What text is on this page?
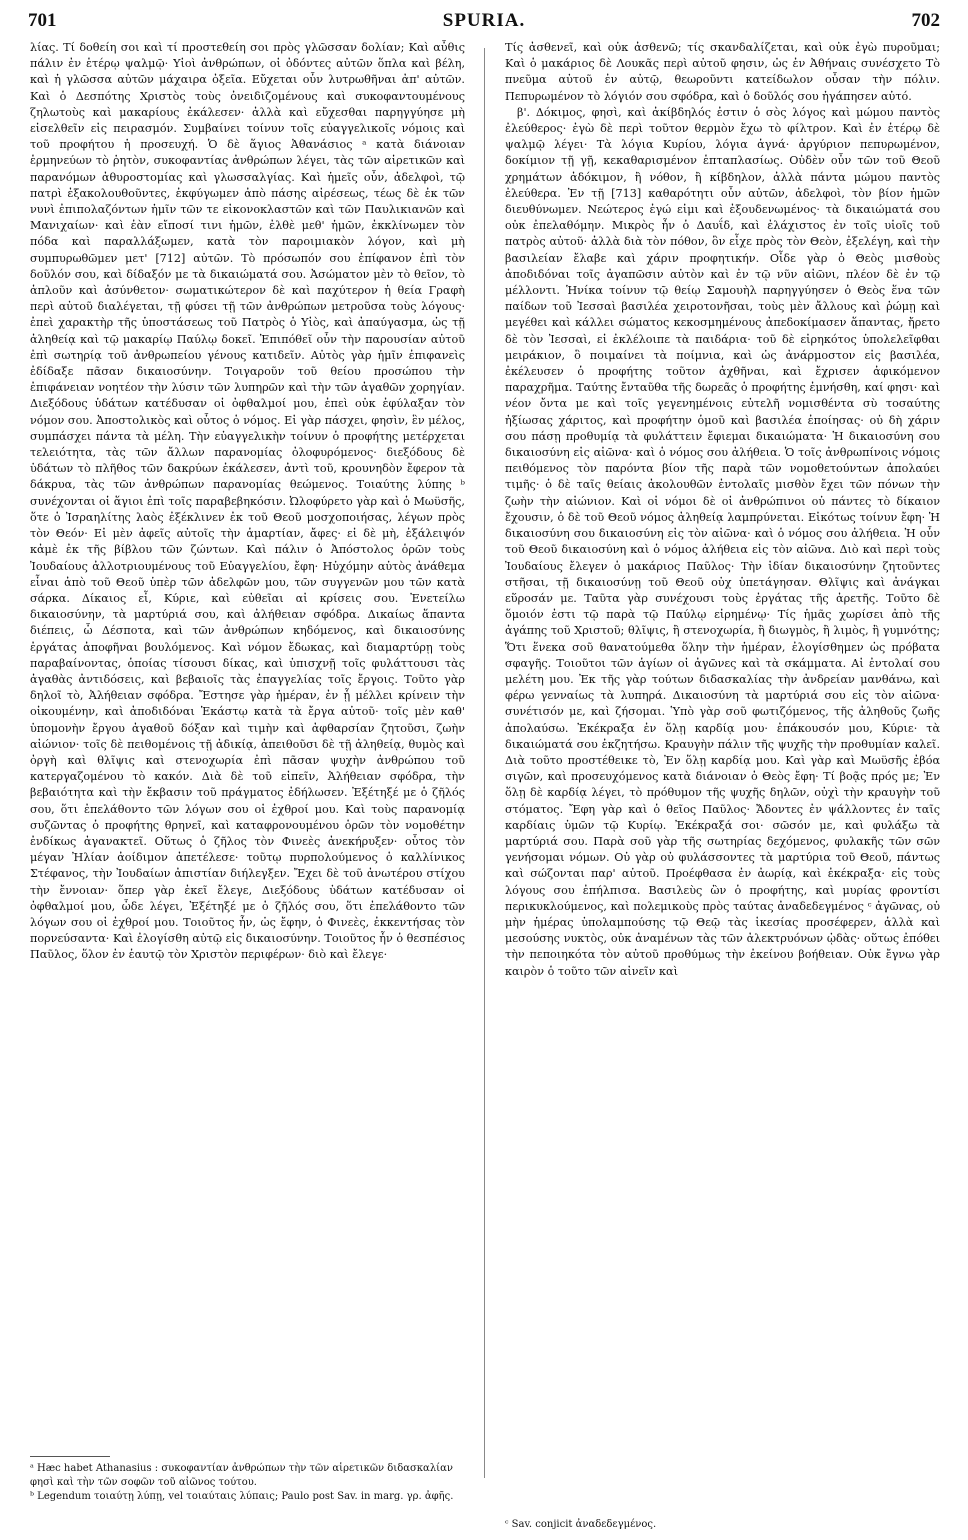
701	SPURIA.	702

λίας. Τί δοθείη σοι καὶ τί προστεθείη σοι πρὸς γλῶσσαν δολίαν; Καὶ αὖθις πάλιν ἐν ἑτέρῳ ψαλμῷ· Υἱοὶ ἀνθρώπων, οἱ ὀδόντες αὐτῶν ὅπλα καὶ βέλη, καὶ ἡ γλῶσσα αὐτῶν μάχαιρα ὀξεῖα. Εὔχεται οὖν λυτρωθῆναι ἀπ' αὐτῶν. Καὶ ὁ Δεσπότης Χριστὸς τοὺς ὀνειδιζομένους καὶ συκοφαντουμένους ζηλωτοὺς καὶ μακαρίους ἐκάλεσεν· ἀλλὰ καὶ εὔχεσθαι παρηγγύησε μὴ εἰσελθεῖν εἰς πειρασμόν. Συμβαίνει τοίνυν τοῖς εὐαγγελικοῖς νόμοις καὶ τοῦ προφήτου ἡ προσευχή. Ὁ δὲ ἅγιος Ἀθανάσιος ᵃ κατὰ διάνοιαν ἑρμηνεύων τὸ ῥητὸν, συκοφαντίας ἀνθρώπων λέγει, τὰς τῶν αἱρετικῶν καὶ παρανόμων ἀθυροστομίας καὶ γλωσσαλγίας. Καὶ ἡμεῖς οὖν, ἀδελφοὶ, τῷ πατρὶ ἐξακολουθοῦντες, ἐκφύγωμεν ἀπὸ πάσης αἱρέσεως, τέως δὲ ἐκ τῶν νυνὶ ἐπιπολαζόντων ἡμῖν τῶν τε εἰκονοκλαστῶν καὶ τῶν Παυλικιανῶν καὶ Μανιχαίων· καὶ ἐὰν εἴποσί τινι ἡμῶν, ἐλθὲ μεθ' ἡμῶν, ἐκκλίνωμεν τὸν πόδα καὶ παραλλάξωμεν, κατὰ τὸν παροιμιακὸν λόγον, καὶ μὴ συμπυρωθῶμεν μετ' [712] αὐτῶν. Τὸ πρόσωπόν σου ἐπίφανον ἐπὶ τὸν δοῦλόν σου, καὶ δίδαξόν με τὰ δικαιώματά σου. Ἀσώματον μὲν τὸ θεῖον, τὸ ἁπλοῦν καὶ ἀσύνθετον· σωματικώτερον δὲ καὶ παχύτερον ἡ θεία Γραφὴ περὶ αὐτοῦ διαλέγεται, τῇ φύσει τῇ τῶν ἀνθρώπων μετροῦσα τοὺς λόγους· ἐπεὶ χαρακτὴρ τῆς ὑποστάσεως τοῦ Πατρὸς ὁ Υἱὸς, καὶ ἀπαύγασμα, ὡς τῇ ἀληθείᾳ καὶ τῷ μακαρίῳ Παύλῳ δοκεῖ. Ἐπιπόθεῖ οὖν τὴν παρουσίαν αὐτοῦ ἐπὶ σωτηρίᾳ τοῦ ἀνθρωπείου γένους κατιδεῖν. Αὐτὸς γὰρ ἡμῖν ἐπιφανεὶς ἐδίδαξε πᾶσαν δικαιοσύνην. Τοιγαροῦν τοῦ θείου προσώπου τὴν ἐπιφάνειαν νοητέον τὴν λύσιν τῶν λυπηρῶν καὶ τὴν τῶν ἀγαθῶν χορηγίαν. Διεξόδους ὑδάτων κατέδυσαν οἱ ὀφθαλμοί μου, ἐπεὶ οὐκ ἐφύλαξαν τὸν νόμον σου. Ἀποστολικὸς καὶ οὗτος ὁ νόμος. Εἰ γὰρ πάσχει, φησὶν, ἓν μέλος, συμπάσχει πάντα τὰ μέλη. Τὴν εὐαγγελικὴν τοίνυν ὁ προφήτης μετέρχεται τελειότητα, τὰς τῶν ἄλλων παρανομίας ὀλοφυρόμενος· διεξόδους δὲ ὑδάτων τὸ πλῆθος τῶν δακρύων ἐκάλεσεν, ἀντὶ τοῦ, κρουνηδὸν ἔφερον τὰ δάκρυα, τὰς τῶν ἀνθρώπων παρανομίας θεώμενος. Τοιαύτης λύπης ᵇ συνέχονται οἱ ἅγιοι ἐπὶ τοῖς παραβεβηκόσιν. Ὠλοφύρετο γὰρ καὶ ὁ Μωϋσῆς, ὅτε ὁ Ἰσραηλίτης λαὸς ἐξέκλινεν ἐκ τοῦ Θεοῦ μοσχοποιήσας, λέγων πρὸς τὸν Θεόν· Εἰ μὲν ἀφεῖς αὐτοῖς τὴν ἁμαρτίαν, ἄφες· εἰ δὲ μὴ, ἐξάλειψόν κἀμὲ ἐκ τῆς βίβλου τῶν ζώντων. Καὶ πάλιν ὁ Ἀπόστολος ὁρῶν τοὺς Ἰουδαίους ἀλλοτριουμένους τοῦ Εὐαγγελίου, ἔφη· Ηὐχόμην αὐτὸς ἀνάθεμα εἶναι ἀπὸ τοῦ Θεοῦ ὑπὲρ τῶν ἀδελφῶν μου, τῶν συγγενῶν μου τῶν κατὰ σάρκα. Δίκαιος εἶ, Κύριε, καὶ εὐθεῖαι αἱ κρίσεις σου. Ἐνετείλω δικαιοσύνην, τὰ μαρτύριά σου, καὶ ἀλήθειαν σφόδρα. Δικαίως ἅπαντα διέπεις, ὦ Δέσποτα, καὶ τῶν ἀνθρώπων κηδόμενος, καὶ δικαιοσύνης ἐργάτας ἀποφῆναι βουλόμενος. Καὶ νόμον ἔδωκας, καὶ διαμαρτύρῃ τοὺς παραβαίνοντας, ὁποίας τίσουσι δίκας, καὶ ὑπισχνῇ τοῖς φυλάττουσι τὰς ἀγαθὰς ἀντιδόσεις, καὶ βεβαιοῖς τὰς ἐπαγγελίας τοῖς ἔργοις. Τοῦτο γὰρ δηλοῖ τὸ, Ἀλήθειαν σφόδρα. Ἔστησε γὰρ ἡμέραν, ἐν ᾗ μέλλει κρίνειν τὴν οἰκουμένην, καὶ ἀποδιδόναι Ἑκάστῳ κατὰ τὰ ἔργα αὐτοῦ· τοῖς μὲν καθ' ὑπομονὴν ἔργου ἀγαθοῦ δόξαν καὶ τιμὴν καὶ ἀφθαρσίαν ζητοῦσι, ζωὴν αἰώνιον· τοῖς δὲ πειθομένοις τῇ ἀδικίᾳ, ἀπειθοῦσι δὲ τῇ ἀληθείᾳ, θυμὸς καὶ ὀργὴ καὶ θλῖψις καὶ στενοχωρία ἐπὶ πᾶσαν ψυχὴν ἀνθρώπου τοῦ κατεργαζομένου τὸ κακόν. Διὰ δὲ τοῦ εἰπεῖν, Ἀλήθειαν σφόδρα, τὴν βεβαιότητα καὶ τὴν ἔκβασιν τοῦ πράγματος ἐδήλωσεν. Ἐξέτηξέ με ὁ ζῆλός σου, ὅτι ἐπελάθοντο τῶν λόγων σου οἱ ἐχθροί μου. Καὶ τοὺς παρανομίᾳ συζῶντας ὁ προφήτης θρηνεῖ, καὶ καταφρονουμένου ὁρῶν τὸν νομοθέτην ἐνδίκως ἀγανακτεῖ. Οὕτως ὁ ζῆλος τὸν Φινεὲς ἀνεκήρυξεν· οὗτος τὸν μέγαν Ἠλίαν ἀοίδιμον ἀπετέλεσε· τοῦτῳ πυρπολούμενος ὁ καλλίνικος Στέφανος, τὴν Ἰουδαίων ἀπιστίαν διήλεγξεν. Ἔχει δὲ τοῦ ἀνωτέρου στίχου τὴν ἔννοιαν· ὅπερ γὰρ ἐκεῖ ἔλεγε, Διεξόδους ὑδάτων κατέδυσαν οἱ ὀφθαλμοί μου, ὧδε λέγει, Ἐξέτηξέ με ὁ ζῆλός σου, ὅτι ἐπελάθοντο τῶν λόγων σου οἱ ἐχθροί μου. Τοιοῦτος ἦν, ὡς ἔφην, ὁ Φινεὲς, ἐκκεντήσας τὸν πορνεύσαντα· Καὶ ἐλογίσθη αὐτῷ εἰς δικαιοσύνην. Τοιοῦτος ἦν ὁ θεσπέσιος Παῦλος, ὅλον ἐν ἑαυτῷ τὸν Χριστὸν περιφέρων· διὸ καὶ ἔλεγε·

Τίς ἀσθενεῖ, καὶ οὐκ ἀσθενῶ; τίς σκανδαλίζεται, καὶ οὐκ ἐγὼ πυροῦμαι; Καὶ ὁ μακάριος δὲ Λουκᾶς περὶ αὐτοῦ φησιν, ὡς ἐν Ἀθήναις συνέσχετο Τὸ πνεῦμα αὐτοῦ ἐν αὐτῷ, θεωροῦντι κατείδωλον οὖσαν τὴν πόλιν. Πεπυρωμένον τὸ λόγιόν σου σφόδρα, καὶ ὁ δοῦλός σου ἠγάπησεν αὐτό.

β'. Δόκιμος, φησὶ, καὶ ἀκίβδηλός ἐστιν ὁ σὸς λόγος καὶ μώμου παντὸς ἐλεύθερος· ἐγὼ δὲ περὶ τοῦτον θερμὸν ἔχω τὸ φίλτρον. Καὶ ἐν ἑτέρῳ δὲ ψαλμῷ λέγει· Τὰ λόγια Κυρίου, λόγια ἁγνά· ἀργύριον πεπυρωμένον, δοκίμιον τῇ γῇ, κεκαθαρισμένον ἑπταπλασίως. Οὐδὲν οὖν τῶν τοῦ Θεοῦ χρημάτων ἀδόκιμον, ἢ νόθον, ἢ κίβδηλον, ἀλλὰ πάντα μώμου παντὸς ἐλεύθερα. Ἐν τῇ [713] καθαρότητι οὖν αὐτῶν, ἀδελφοὶ, τὸν βίον ἡμῶν διευθύνωμεν. Νεώτερος ἐγώ εἰμι καὶ ἐξουδενωμένος· τὰ δικαιώματά σου οὐκ ἐπελαθόμην. Μικρὸς ἦν ὁ Δαυΐδ, καὶ ἐλάχιστος ἐν τοῖς υἱοῖς τοῦ πατρὸς αὐτοῦ· ἀλλὰ διὰ τὸν πόθον, ὃν εἶχε πρὸς τὸν Θεὸν, ἐξελέγη, καὶ τὴν βασιλείαν ἔλαβε καὶ χάριν προφητικήν. Οἶδε γὰρ ὁ Θεὸς μισθοὺς ἀποδιδόναι τοῖς ἀγαπῶσιν αὐτὸν καὶ ἐν τῷ νῦν αἰῶνι, πλέον δὲ ἐν τῷ μέλλοντι. Ἡνίκα τοίνυν τῷ θείῳ Σαμουὴλ παρηγγύησεν ὁ Θεὸς ἕνα τῶν παίδων τοῦ Ἰεσσαὶ βασιλέα χειροτονῆσαι, τοὺς μὲν ἄλλους καὶ ῥώμῃ καὶ μεγέθει καὶ κάλλει σώματος κεκοσμημένους ἀπεδοκίμασεν ἅπαντας, ἤρετο δὲ τὸν Ἰεσσαὶ, εἰ ἐκλέλοιπε τὰ παιδάρια· τοῦ δὲ εἰρηκότος ὑπολελεῖφθαι μειράκιον, ὃ ποιμαίνει τὰ ποίμνια, καὶ ὡς ἀνάρμοστον εἰς βασιλέα, ἐκέλευσεν ὁ προφήτης τοῦτον ἀχθῆναι, καὶ ἔχρισεν ἀφικόμενον παραχρῆμα. Ταύτης ἔνταῦθα τῆς δωρεᾶς ὁ προφήτης ἐμνήσθη, καί φησι· καὶ νέον ὄντα με καὶ τοῖς γεγενημένοις εὐτελῆ νομισθέντα σὺ τοσαύτης ἠξίωσας χάριτος, καὶ προφήτην ὁμοῦ καὶ βασιλέα ἐποίησας· οὐ δὴ χάριν σου πάσῃ προθυμίᾳ τὰ φυλάττειν ἔφιεμαι δικαιώματα· Ἡ δικαιοσύνη σου δικαιοσύνη εἰς αἰῶνα· καὶ ὁ νόμος σου ἀλήθεια. Ὁ τοῖς ἀνθρωπίνοις νόμοις πειθόμενος τὸν παρόντα βίον τῆς παρὰ τῶν νομοθετούντων ἀπολαύει τιμῆς· ὁ δὲ ταῖς θείαις ἀκολουθῶν ἐντολαῖς μισθὸν ἔχει τῶν πόνων τὴν ζωὴν τὴν αἰώνιον. Καὶ οἱ νόμοι δὲ οἱ ἀνθρώπινοι οὐ πάντες τὸ δίκαιον ἔχουσιν, ὁ δὲ τοῦ Θεοῦ νόμος ἀληθείᾳ λαμπρύνεται. Εἰκότως τοίνυν ἔφη· Ἡ δικαιοσύνη σου δικαιοσύνη εἰς τὸν αἰῶνα· καὶ ὁ νόμος σου ἀλήθεια. Ἡ οὖν τοῦ Θεοῦ δικαιοσύνη καὶ ὁ νόμος ἀλήθεια εἰς τὸν αἰῶνα. Διὸ καὶ περὶ τοὺς Ἰουδαίους ἔλεγεν ὁ μακάριος Παῦλος· Τὴν ἰδίαν δικαιοσύνην ζητοῦντες στῆσαι, τῇ δικαιοσύνῃ τοῦ Θεοῦ οὐχ ὑπετάγησαν. Θλῖψις καὶ ἀνάγκαι εὕροσάν με. Ταῦτα γὰρ συνέχουσι τοὺς ἐργάτας τῆς ἀρετῆς. Τοῦτο δὲ ὅμοιόν ἐστι τῷ παρὰ τῷ Παύλῳ εἰρημένῳ· Τίς ἡμᾶς χωρίσει ἀπὸ τῆς ἀγάπης τοῦ Χριστοῦ; θλῖψις, ἢ στενοχωρία, ἢ διωγμὸς, ἢ λιμὸς, ἢ γυμνότης; Ὅτι ἕνεκα σοῦ θανατούμεθα ὅλην τὴν ἡμέραν, ἐλογίσθημεν ὡς πρόβατα σφαγῆς. Τοιοῦτοι τῶν ἁγίων οἱ ἀγῶνες καὶ τὰ σκάμματα. Αἱ ἐντολαί σου μελέτη μου. Ἐκ τῆς γὰρ τούτων διδασκαλίας τὴν ἀνδρείαν μανθάνω, καὶ φέρω γενναίως τὰ λυπηρά. Δικαιοσύνη τὰ μαρτύριά σου εἰς τὸν αἰῶνα· συνέτισόν με, καὶ ζήσομαι. Ὑπὸ γὰρ σοῦ φωτιζόμενος, τῆς ἀληθοῦς ζωῆς ἀπολαύσω. Ἐκέκραξα ἐν ὅλῃ καρδίᾳ μου· ἐπάκουσόν μου, Κύριε· τὰ δικαιώματά σου ἐκζητήσω. Κραυγὴν πάλιν τῆς ψυχῆς τὴν προθυμίαν καλεῖ. Διὰ τοῦτο προστέθεικε τὸ, Ἐν ὅλῃ καρδίᾳ μου. Καὶ γὰρ καὶ Μωϋσῆς ἐβόα σιγῶν, καὶ προσευχόμενος κατὰ διάνοιαν ὁ Θεὸς ἔφη· Τί βοᾷς πρός με; Ἐν ὅλῃ δὲ καρδίᾳ λέγει, τὸ πρόθυμον τῆς ψυχῆς δηλῶν, οὐχὶ τὴν κραυγὴν τοῦ στόματος. Ἔφη γὰρ καὶ ὁ θεῖος Παῦλος· Ἄδοντες ἐν ψάλλοντες ἐν ταῖς καρδίαις ὑμῶν τῷ Κυρίῳ. Ἐκέκραξά σοι· σῶσόν με, καὶ φυλάξω τὰ μαρτύριά σου. Παρὰ σοῦ γὰρ τῆς σωτηρίας δεχόμενος, φυλακῆς τῶν σῶν γενήσομαι νόμων. Οὐ γὰρ οὐ φυλάσσοντες τὰ μαρτύρια τοῦ Θεοῦ, πάντως καὶ σώζονται παρ' αὐτοῦ. Προέφθασα ἐν ἀωρίᾳ, καὶ ἐκέκραξα· εἰς τοὺς λόγους σου ἐπήλπισα. Βασιλεὺς ὢν ὁ προφήτης, καὶ μυρίας φροντίσι περικυκλούμενος, καὶ πολεμικοὺς πρὸς ταύτας ἀναδεδεγμένος ᶜ ἀγῶνας, οὐ μὴν ἡμέρας ὑπολαμπούσης τῷ Θεῷ τὰς ἱκεσίας προσέφερεν, ἀλλὰ καὶ μεσούσης νυκτὸς, οὐκ ἀναμένων τὰς τῶν ἀλεκτρυόνων ᾠδὰς· οὕτως ἐπόθει τὴν πεποιηκότα τὸν αὐτοῦ προθύμως τὴν ἐκείνου βοήθειαν. Οὐκ ἔγνω γὰρ καιρὸν ὁ τοῦτο τῶν αἰνεῖν καὶ

ᵃ Hæc habet Athanasius : συκοφαντίαν ἀνθρώπων τὴν τῶν αἱρετικῶν διδασκαλίαν φησὶ καὶ τὴν τῶν σοφῶν τοῦ αἰῶνος τούτου.

ᵇ Legendum τοιαύτῃ λύπῃ, vel τοιαύταις λύπαις; Paulo post Sav. in marg. γρ. ἀφῆς.

ᶜ Sav. conjicit ἀναδεδεγμένος.
